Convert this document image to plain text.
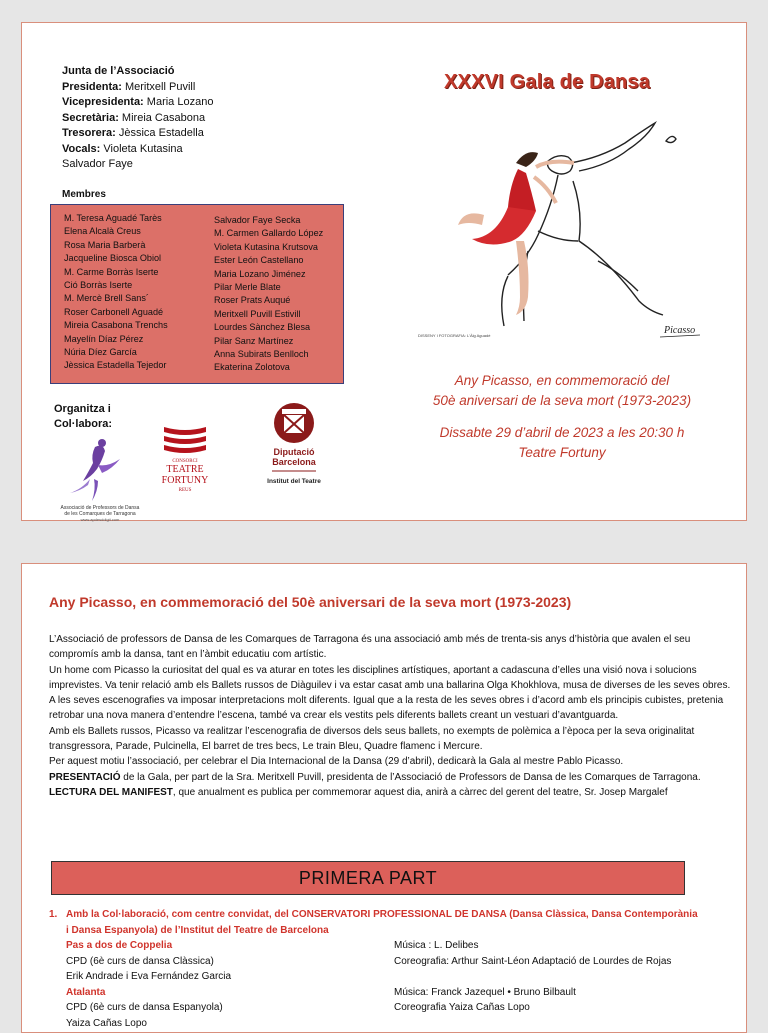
Junta de l’Associació
Presidenta: Meritxell Puvill
Vicepresidenta: Maria Lozano
Secretària: Mireia Casabona
Tresorera: Jèssica Estadella
Vocals: Violeta Kutasina
Salvador Faye
Membres
M. Teresa Aguadé Tarès
Elena Alcalà Creus
Rosa Maria Barberà
Jacqueline Biosca Obiol
M. Carme Borràs Iserte
Ció Borràs Iserte
M. Mercè Brell Sans´
Roser Carbonell Aguadé
Mireia Casabona Trenchs
Mayelín Díaz Pérez
Núria Díez García
Jèssica Estadella Tejedor
Salvador Faye Secka
M. Carmen Gallardo López
Violeta Kutasina Krutsova
Ester León Castellano
Maria Lozano Jiménez
Pilar Merle Blate
Roser Prats Auqué
Meritxell Puvill Estivill
Lourdes Sànchez Blesa
Pilar Sanz Martínez
Anna Subirats Benlloch
Ekaterina Zolotova
Organitza i
Col·labora:
Associació de Professors de Dansa
de les Comarques de Tarragona
www.apdesddigit.com
CONSORCI
TEATRE
FORTUNY
REUS
Diputació
Barcelona
Institut del Teatre
XXXVI Gala de Dansa
DISSENY I FOTOGRAFIA: L'Àlg Aguadé	Picasso
Any Picasso, en commemoració del
50è aniversari de la seva mort (1973-2023)
Dissabte 29 d’abril de 2023 a les 20:30 h
Teatre Fortuny
Any Picasso, en commemoració del 50è aniversari de la seva mort (1973-2023)

L’Associació de professors de Dansa de les Comarques de Tarragona és una associació amb més de trenta-sis anys d’història que avalen el seu compromís amb la dansa, tant en l’àmbit educatiu com artístic.

Un home com Picasso la curiositat del qual es va aturar en totes les disciplines artístiques, aportant a cadascuna d’elles una visió nova i solucions imprevistes. Va tenir relació amb els Ballets russos de Diàguilev i va estar casat amb una ballarina Olga Khokhlova, musa de diverses de les seves obres.

A les seves escenografies va imposar interpretacions molt diferents. Igual que a la resta de les seves obres i d’acord amb els principis cubistes, pretenia retrobar una nova manera d’entendre l’escena, també va crear els vestits pels diferents ballets creant un vestuari d’avantguarda.

Amb els Ballets russos, Picasso va realitzar l’escenografia de diversos dels seus ballets, no exempts de polèmica a l’època per la seva originalitat transgressora, Parade, Pulcinella, El barret de tres becs, Le train Bleu, Quadre flamenc i Mercure.

Per aquest motiu l’associació, per celebrar el Dia Internacional de la Dansa (29 d’abril), dedicarà la Gala al mestre Pablo Picasso.

PRESENTACIÓ de la Gala, per part de la Sra. Meritxell Puvill, presidenta de l’Associació de Professors de Dansa de les Comarques de Tarragona.

LECTURA DEL MANIFEST, que anualment es publica per commemorar aquest dia, anirà a càrrec del gerent del teatre, Sr. Josep Margalef

PRIMERA PART
1. Amb la Col·laboració, com centre convidat, del CONSERVATORI PROFESSIONAL DE DANSA (Dansa Clàssica, Dansa Contemporània
i Dansa Espanyola) de l’Institut del Teatre de Barcelona
Pas a dos de Coppelia	Música : L. Delibes
CPD (6è curs de dansa Clàssica)	Coreografia: Arthur Saint-Léon Adaptació de Lourdes de Rojas
Erik Andrade i Eva Fernández Garcia
Atalanta	Música: Franck Jazequel • Bruno Bilbault
CPD (6è curs de dansa Espanyola)	Coreografia Yaiza Cañas Lopo
Yaiza Cañas Lopo
